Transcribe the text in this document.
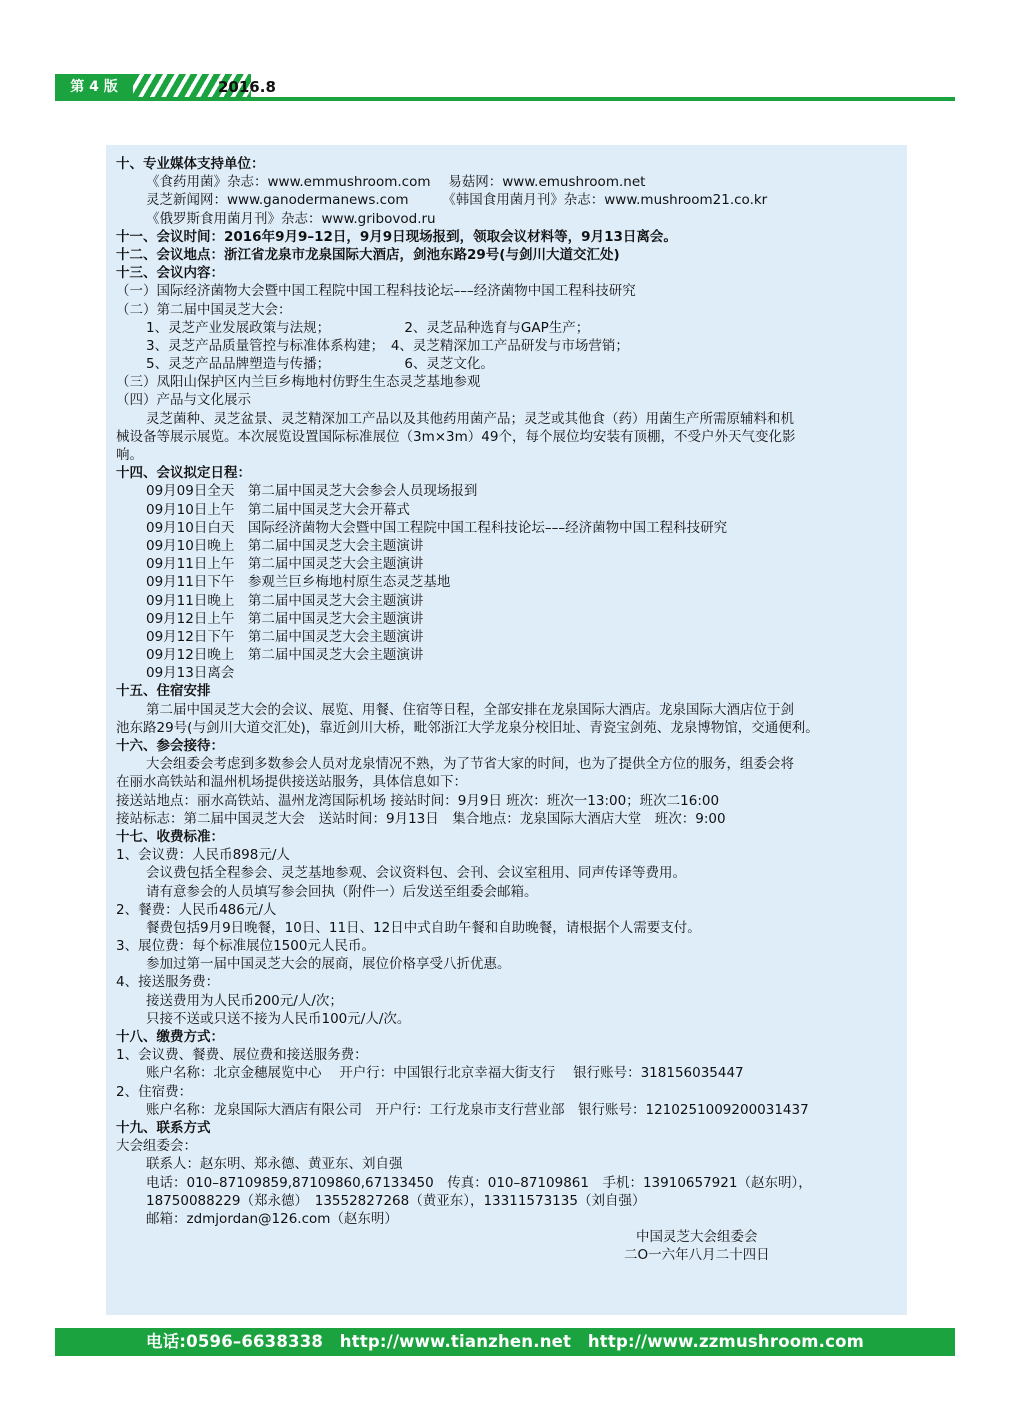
第 4 版	2016.8
十、专业媒体支持单位：
《食药用菌》杂志：www.emmushroom.com　 易菇网：www.emushroom.net
灵芝新闻网：www.ganodermanews.com　　　《韩国食用菌月刊》杂志：www.mushroom21.co.kr
《俄罗斯食用菌月刊》杂志：www.gribovod.ru
十一、会议时间：2016年9月9–12日，9月9日现场报到，领取会议材料等，9月13日离会。
十二、会议地点：浙江省龙泉市龙泉国际大酒店，剑池东路29号(与剑川大道交汇处)
十三、会议内容：
（一）国际经济菌物大会暨中国工程院中国工程科技论坛–––经济菌物中国工程科技研究
（二）第二届中国灵芝大会：
1、灵芝产业发展政策与法规；　　　　　　2、灵芝品种选育与GAP生产；
3、灵芝产品质量管控与标准体系构建；　4、灵芝精深加工产品研发与市场营销；
5、灵芝产品品牌塑造与传播；　　　　　　6、灵芝文化。
（三）凤阳山保护区内兰巨乡梅地村仿野生生态灵芝基地参观
（四）产品与文化展示
灵芝菌种、灵芝盆景、灵芝精深加工产品以及其他药用菌产品；灵芝或其他食（药）用菌生产所需原辅料和机
械设备等展示展览。本次展览设置国际标准展位（3m×3m）49个，每个展位均安装有顶棚，不受户外天气变化影
响。
十四、会议拟定日程：
09月09日全天　第二届中国灵芝大会参会人员现场报到
09月10日上午　第二届中国灵芝大会开幕式
09月10日白天　国际经济菌物大会暨中国工程院中国工程科技论坛–––经济菌物中国工程科技研究
09月10日晚上　第二届中国灵芝大会主题演讲
09月11日上午　第二届中国灵芝大会主题演讲
09月11日下午　参观兰巨乡梅地村原生态灵芝基地
09月11日晚上　第二届中国灵芝大会主题演讲
09月12日上午　第二届中国灵芝大会主题演讲
09月12日下午　第二届中国灵芝大会主题演讲
09月12日晚上　第二届中国灵芝大会主题演讲
09月13日离会
十五、住宿安排
第二届中国灵芝大会的会议、展览、用餐、住宿等日程，全部安排在龙泉国际大酒店。龙泉国际大酒店位于剑
池东路29号(与剑川大道交汇处)，靠近剑川大桥，毗邻浙江大学龙泉分校旧址、青瓷宝剑苑、龙泉博物馆，交通便利。
十六、参会接待：
大会组委会考虑到多数参会人员对龙泉情况不熟，为了节省大家的时间，也为了提供全方位的服务，组委会将
在丽水高铁站和温州机场提供接送站服务，具体信息如下：
接送站地点：丽水高铁站、温州龙湾国际机场 接站时间：9月9日 班次：班次一13:00；班次二16:00
接站标志：第二届中国灵芝大会　送站时间：9月13日　集合地点：龙泉国际大酒店大堂　班次：9:00
十七、收费标准：
1、会议费：人民币898元/人
会议费包括全程参会、灵芝基地参观、会议资料包、会刊、会议室租用、同声传译等费用。
请有意参会的人员填写参会回执（附件一）后发送至组委会邮箱。
2、餐费：人民币486元/人
餐费包括9月9日晚餐，10日、11日、12日中式自助午餐和自助晚餐，请根据个人需要支付。
3、展位费：每个标准展位1500元人民币。
参加过第一届中国灵芝大会的展商，展位价格享受八折优惠。
4、接送服务费：
接送费用为人民币200元/人/次；
只接不送或只送不接为人民币100元/人/次。
十八、缴费方式：
1、会议费、餐费、展位费和接送服务费：
账户名称：北京金穗展览中心　 开户行：中国银行北京幸福大街支行　 银行账号：318156035447
2、住宿费：
账户名称：龙泉国际大酒店有限公司　开户行：工行龙泉市支行营业部　银行账号：1210251009200031437
十九、联系方式
大会组委会：
联系人：赵东明、郑永德、黄亚东、刘自强
电话：010–87109859,87109860,67133450　传真：010–87109861　手机：13910657921（赵东明），
18750088229（郑永德）　13552827268（黄亚东），13311573135（刘自强）
邮箱：zdmjordan@126.com（赵东明）
中国灵芝大会组委会
二O一六年八月二十四日
电话:0596–6638338　http://www.tianzhen.net　http://www.zzmushroom.com
